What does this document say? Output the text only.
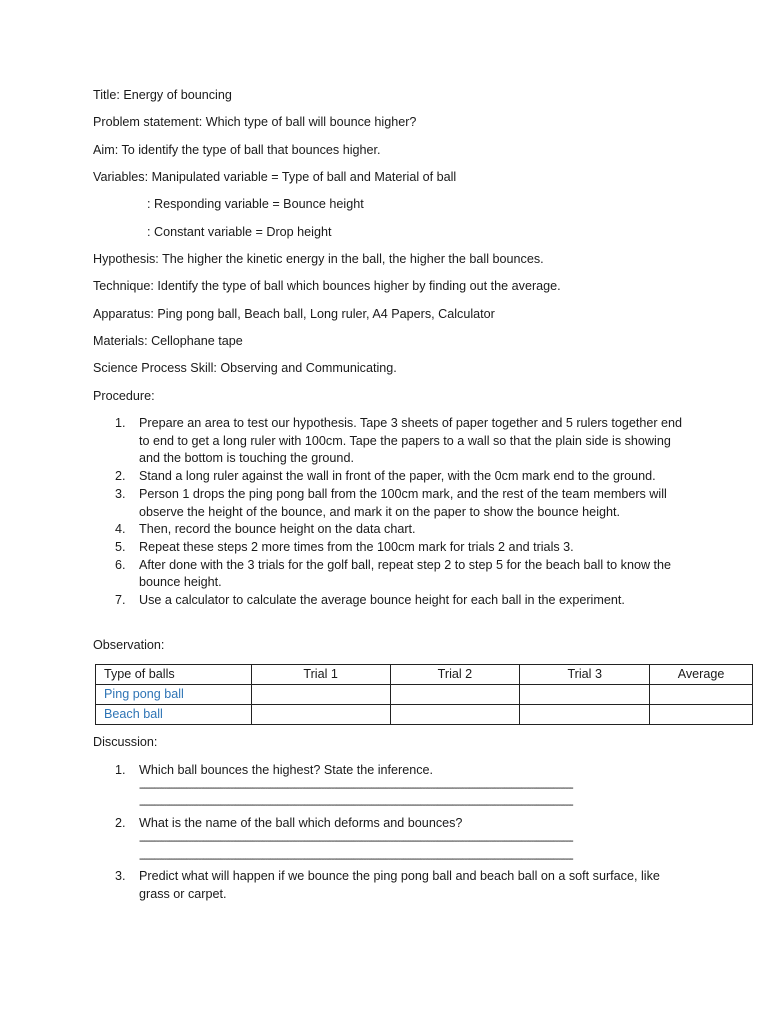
Title: Energy of bouncing
Problem statement: Which type of ball will bounce higher?
Aim: To identify the type of ball that bounces higher.
Variables: Manipulated variable = Type of ball and Material of ball
: Responding variable = Bounce height
: Constant variable = Drop height
Hypothesis: The higher the kinetic energy in the ball, the higher the ball bounces.
Technique: Identify the type of ball which bounces higher by finding out the average.
Apparatus: Ping pong ball, Beach ball, Long ruler, A4 Papers, Calculator
Materials: Cellophane tape
Science Process Skill: Observing and Communicating.
Procedure:
1. Prepare an area to test our hypothesis. Tape 3 sheets of paper together and 5 rulers together end to end to get a long ruler with 100cm. Tape the papers to a wall so that the plain side is showing and the bottom is touching the ground.
2. Stand a long ruler against the wall in front of the paper, with the 0cm mark end to the ground.
3. Person 1 drops the ping pong ball from the 100cm mark, and the rest of the team members will observe the height of the bounce, and mark it on the paper to show the bounce height.
4. Then, record the bounce height on the data chart.
5. Repeat these steps 2 more times from the 100cm mark for trials 2 and trials 3.
6. After done with the 3 trials for the golf ball, repeat step 2 to step 5 for the beach ball to know the bounce height.
7. Use a calculator to calculate the average bounce height for each ball in the experiment.
Observation:
Type of balls	Trial 1	Trial 2	Trial 3	Average
Ping pong ball				
Beach ball				
Discussion:
1. Which ball bounces the highest? State the inference.
--------------------------------------------------------------------------------------------------------------------------------------------------------------------------------
--------------------------------------------------------------------------------------------------------------------------------------------------------------------------------
2. What is the name of the ball which deforms and bounces?
--------------------------------------------------------------------------------------------------------------------------------------------------------------------------------
--------------------------------------------------------------------------------------------------------------------------------------------------------------------------------
3. Predict what will happen if we bounce the ping pong ball and beach ball on a soft surface, like grass or carpet.
